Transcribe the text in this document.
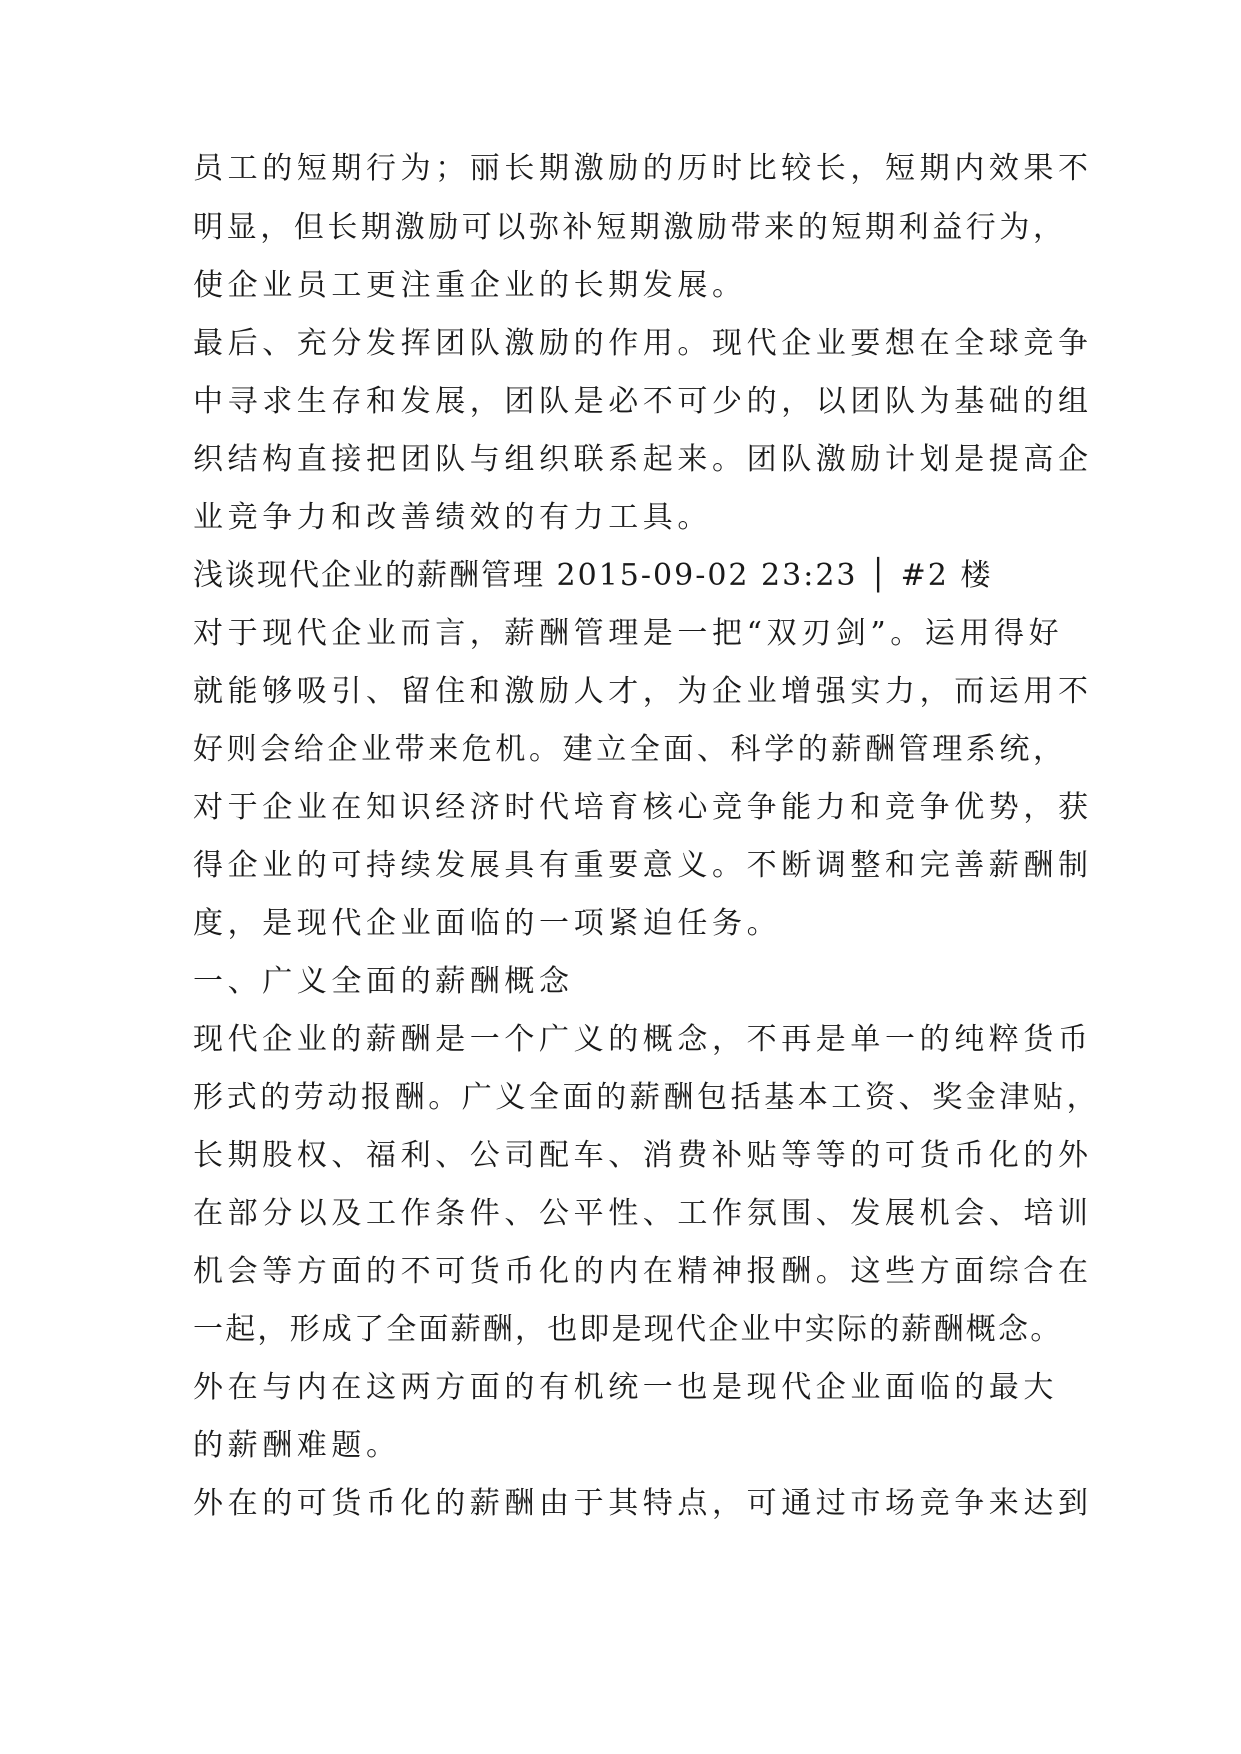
员工的短期行为；丽长期激励的历时比较长，短期内效果不
明显，但长期激励可以弥补短期激励带来的短期利益行为，
使企业员工更注重企业的长期发展。
最后、充分发挥团队激励的作用。现代企业要想在全球竞争
中寻求生存和发展，团队是必不可少的，以团队为基础的组
织结构直接把团队与组织联系起来。团队激励计划是提高企
业竞争力和改善绩效的有力工具。
浅谈现代企业的薪酬管理 2015-09-02 23:23 │ #2 楼
对于现代企业而言，薪酬管理是一把“双刃剑”。运用得好
就能够吸引、留住和激励人才，为企业增强实力，而运用不
好则会给企业带来危机。建立全面、科学的薪酬管理系统，
对于企业在知识经济时代培育核心竞争能力和竞争优势，获
得企业的可持续发展具有重要意义。不断调整和完善薪酬制
度，是现代企业面临的一项紧迫任务。
一、广义全面的薪酬概念
现代企业的薪酬是一个广义的概念，不再是单一的纯粹货币
形式的劳动报酬。广义全面的薪酬包括基本工资、奖金津贴，
长期股权、福利、公司配车、消费补贴等等的可货币化的外
在部分以及工作条件、公平性、工作氛围、发展机会、培训
机会等方面的不可货币化的内在精神报酬。这些方面综合在
一起，形成了全面薪酬，也即是现代企业中实际的薪酬概念。
外在与内在这两方面的有机统一也是现代企业面临的最大
的薪酬难题。
外在的可货币化的薪酬由于其特点，可通过市场竞争来达到
